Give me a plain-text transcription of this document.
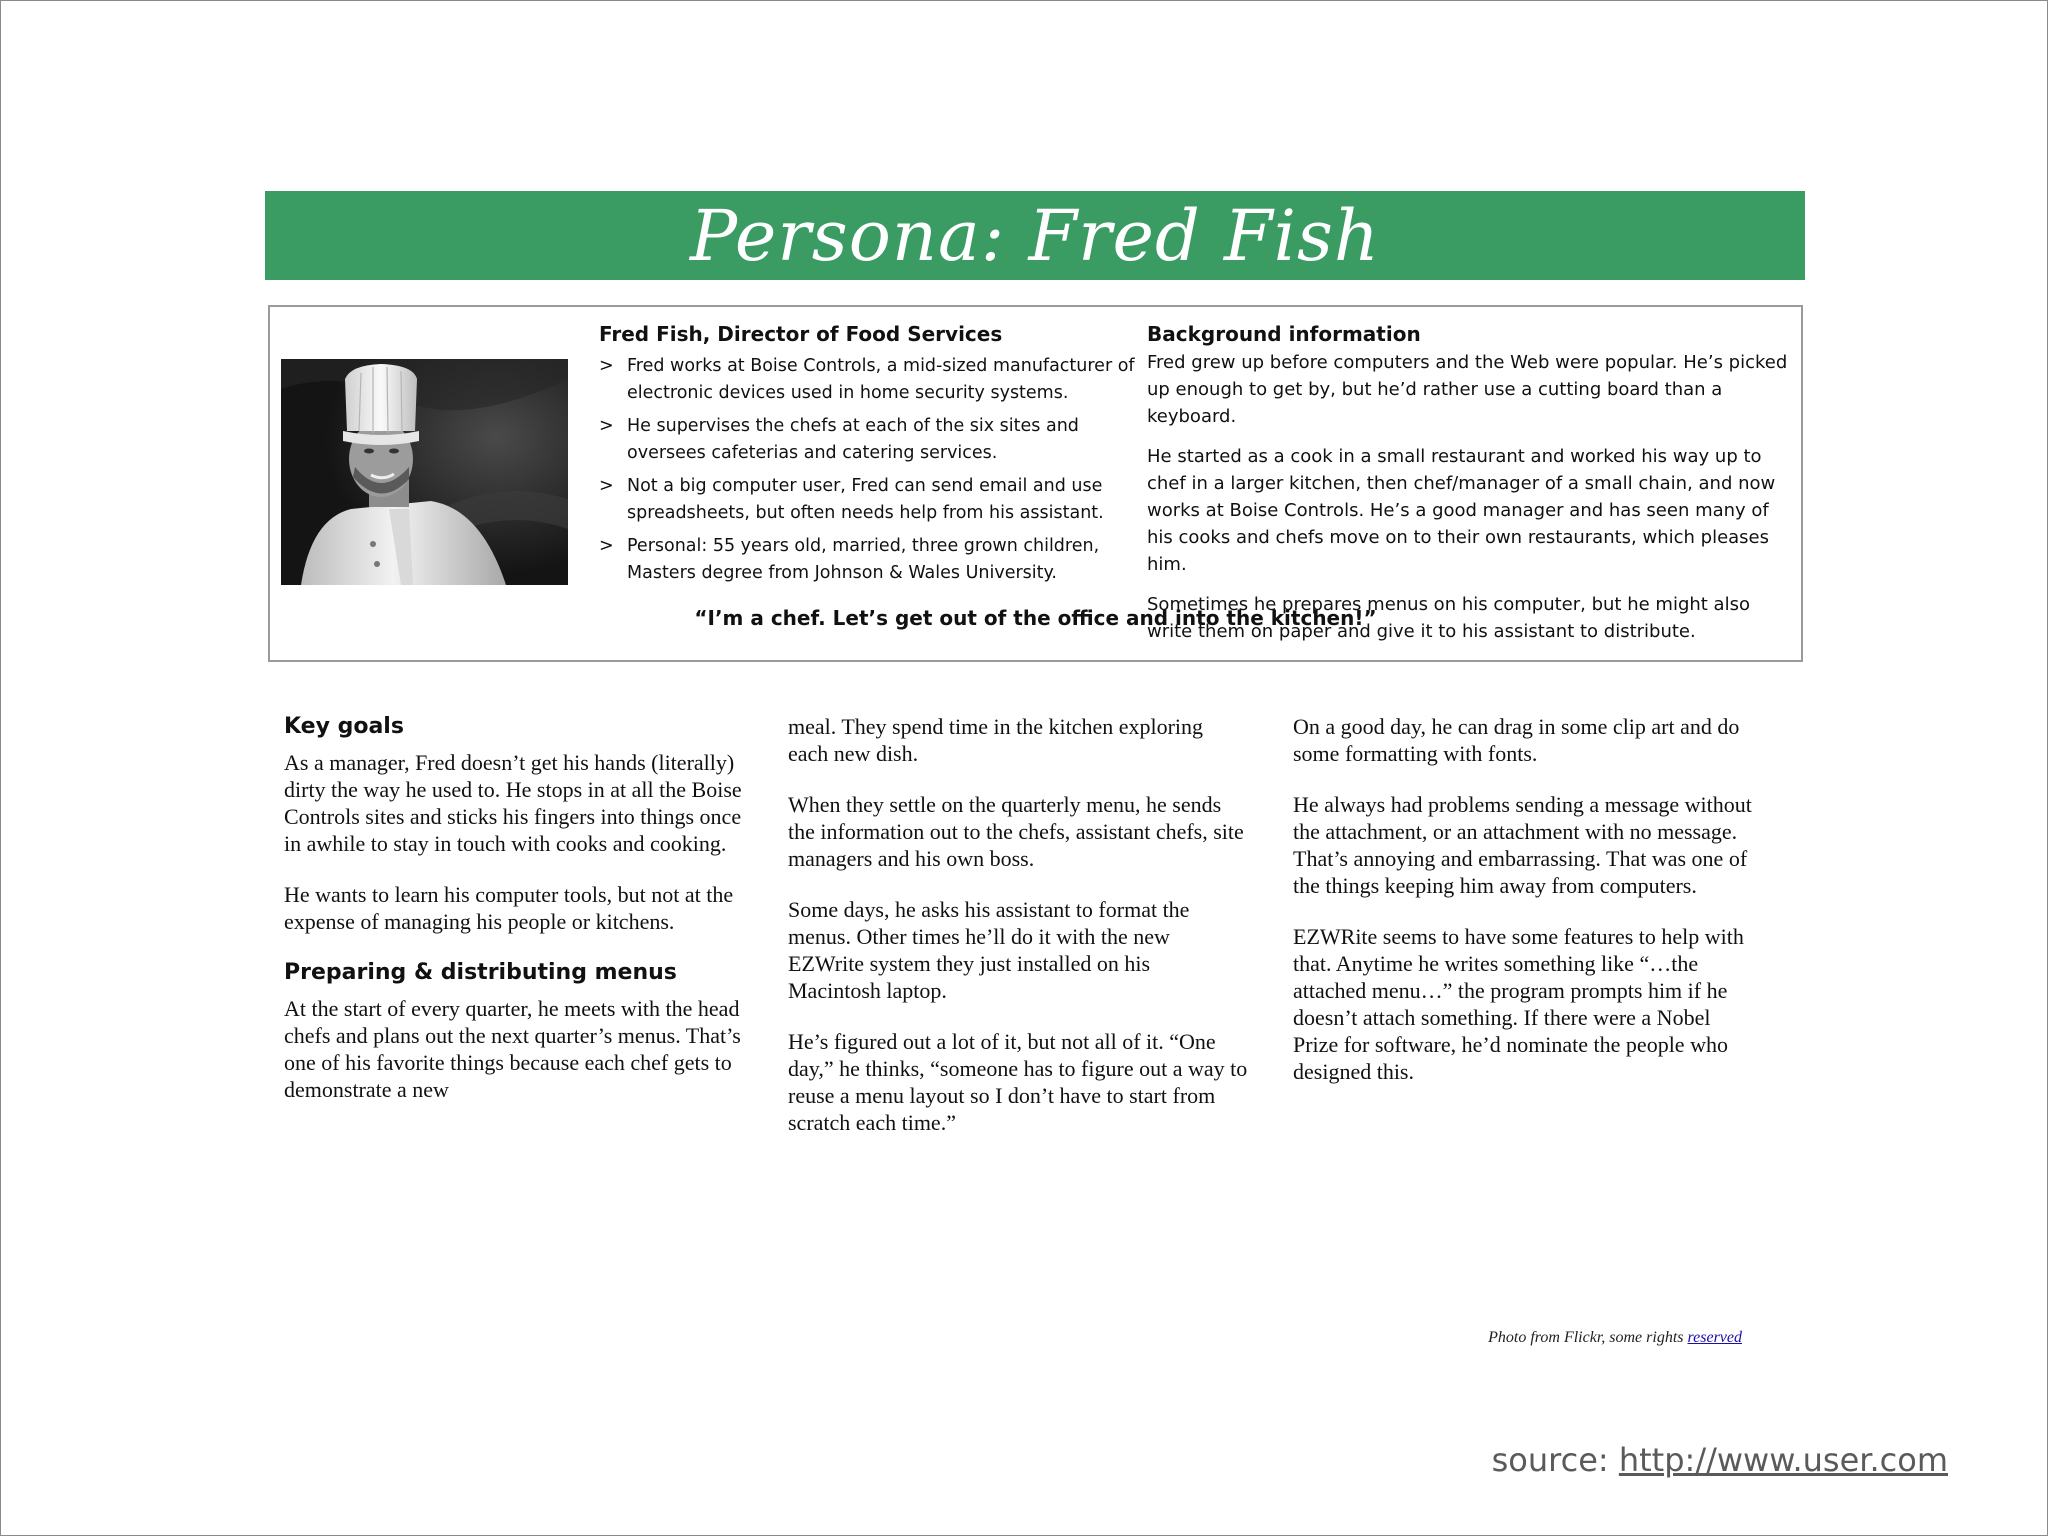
Persona: Fred Fish
Fred Fish, Director of Food Services
> Fred works at Boise Controls, a mid-sized manufacturer of electronic devices used in home security systems.
> He supervises the chefs at each of the six sites and oversees cafeterias and catering services.
> Not a big computer user, Fred can send email and use spreadsheets, but often needs help from his assistant.
> Personal: 55 years old, married, three grown children, Masters degree from Johnson & Wales University.
Background information

Fred grew up before computers and the Web were popular. He’s picked up enough to get by, but he’d rather use a cutting board than a keyboard.

He started as a cook in a small restaurant and worked his way up to chef in a larger kitchen, then chef/manager of a small chain, and now works at Boise Controls. He’s a good manager and has seen many of his cooks and chefs move on to their own restaurants, which pleases him.

Sometimes he prepares menus on his computer, but he might also write them on paper and give it to his assistant to distribute.

“I’m a chef. Let’s get out of the office and into the kitchen!”
Key goals

As a manager, Fred doesn’t get his hands (literally) dirty the way he used to. He stops in at all the Boise Controls sites and sticks his fingers into things once in awhile to stay in touch with cooks and cooking.

He wants to learn his computer tools, but not at the expense of managing his people or kitchens.

Preparing & distributing menus

At the start of every quarter, he meets with the head chefs and plans out the next quarter’s menus. That’s one of his favorite things because each chef gets to demonstrate a new

meal. They spend time in the kitchen exploring each new dish.

When they settle on the quarterly menu, he sends the information out to the chefs, assistant chefs, site managers and his own boss.

Some days, he asks his assistant to format the menus. Other times he’ll do it with the new EZWrite system they just installed on his Macintosh laptop.

He’s figured out a lot of it, but not all of it. “One day,” he thinks, “someone has to figure out a way to reuse a menu layout so I don’t have to start from scratch each time.”

On a good day, he can drag in some clip art and do some formatting with fonts.

He always had problems sending a message without the attachment, or an attachment with no message. That’s annoying and embarrassing. That was one of the things keeping him away from computers.

EZWRite seems to have some features to help with that. Anytime he writes something like “…the attached menu…” the program prompts him if he doesn’t attach something. If there were a Nobel Prize for software, he’d nominate the people who designed this.

Photo from Flickr, some rights reserved
source: http://www.user.com
